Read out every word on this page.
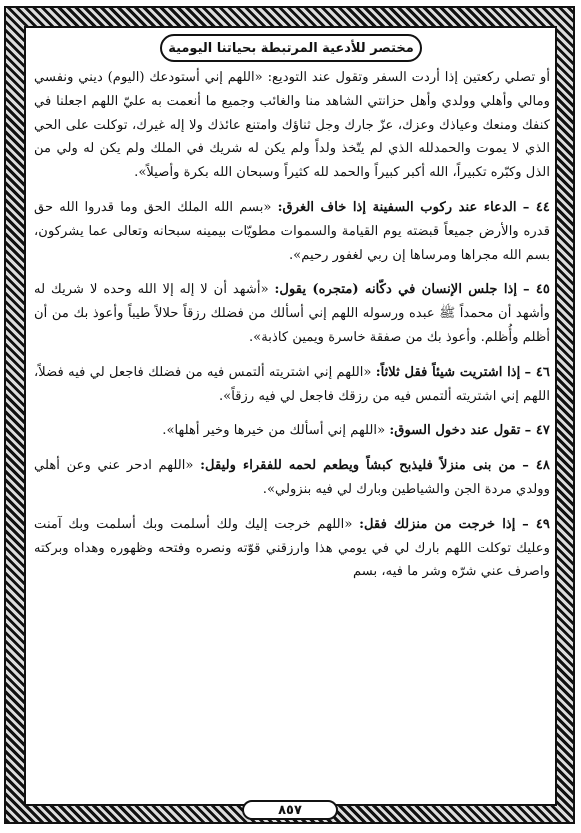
مختصر للأدعية المرتبطة بحياتنا اليومية

أو تصلي ركعتين إذا أردت السفر وتقول عند التوديع: «اللهم إني أستودعك (اليوم) ديني ونفسي ومالي وأهلي وولدي وأهل حزانتي الشاهد منا والغائب وجميع ما أنعمت به عليّ اللهم اجعلنا في كنفك ومنعك وعياذك وعزك، عزّ جارك وجل ثناؤك وامتنع عائذك ولا إله غيرك، توكلت على الحي الذي لا يموت والحمدلله الذي لم يتّخذ ولداً ولم يكن له شريك في الملك ولم يكن له ولي من الذل وكبّره تكبيراً، الله أكبر كبيراً والحمد لله كثيراً وسبحان الله بكرة وأصيلاً».

٤٤ – الدعاء عند ركوب السفينة إذا خاف الغرق: «بسم الله الملك الحق وما قدروا الله حق قدره والأرض جميعاً قبضته يوم القيامة والسموات مطويّات بيمينه سبحانه وتعالى عما يشركون، بسم الله مجراها ومرساها إن ربي لغفور رحيم».

٤٥ – إذا جلس الإنسان في دكّانه (متجره) يقول: «أشهد أن لا إله إلا الله وحده لا شريك له وأشهد أن محمداً ﷺ عبده ورسوله اللهم إني أسألك من فضلك رزقاً حلالاً طيباً وأعوذ بك من أن أظلم وأُظلم. وأعوذ بك من صفقة خاسرة ويمين كاذبة».

٤٦ – إذا اشتريت شيئاً فقل ثلاثاً: «اللهم إني اشتريته ألتمس فيه من فضلك فاجعل لي فيه فضلاً، اللهم إني اشتريته ألتمس فيه من رزقك فاجعل لي فيه رزقاً».

٤٧ – تقول عند دخول السوق: «اللهم إني أسألك من خيرها وخير أهلها».

٤٨ – من بنى منزلاً فليذبح كبشاً ويطعم لحمه للفقراء وليقل: «اللهم ادحر عني وعن أهلي وولدي مردة الجن والشياطين وبارك لي فيه بنزولي».

٤٩ – إذا خرجت من منزلك فقل: «اللهم خرجت إليك ولك أسلمت وبك أسلمت وبك آمنت وعليك توكلت اللهم بارك لي في يومي هذا وارزقني قوّته ونصره وفتحه وظهوره وهداه وبركته واصرف عني شرّه وشر ما فيه، بسم

٨٥٧
